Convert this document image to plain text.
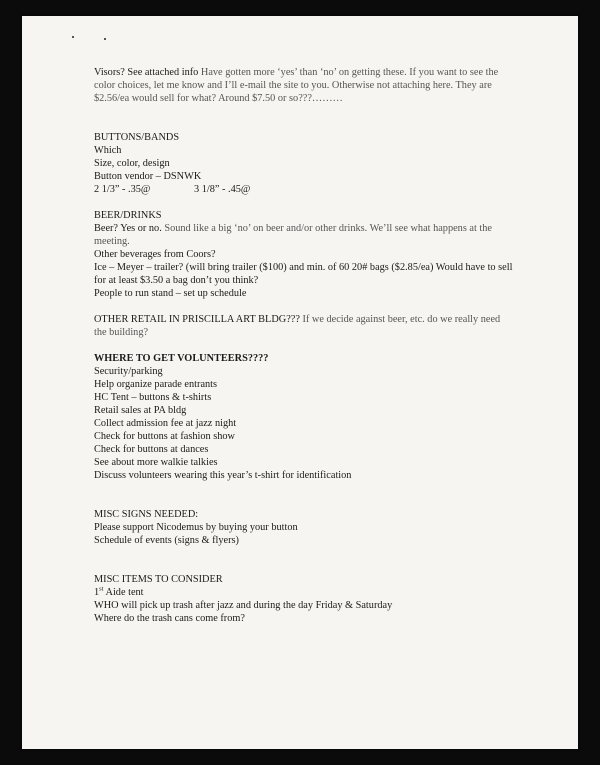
Visors? See attached info Have gotten more ‘yes’ than ‘no’ on getting these. If you want to see the color choices, let me know and I’ll e-mail the site to you. Otherwise not attaching here. They are $2.56/ea would sell for what? Around $7.50 or so???………
BUTTONS/BANDS
Which
Size, color, design
Button vendor – DSNWK
2 1/3” - .35@	3 1/8” - .45@
BEER/DRINKS
Beer? Yes or no. Sound like a big ‘no’ on beer and/or other drinks. We’ll see what happens at the meeting.
Other beverages from Coors?
Ice – Meyer – trailer? (will bring trailer ($100) and min. of 60 20# bags ($2.85/ea) Would have to sell for at least $3.50 a bag don’t you think?
People to run stand – set up schedule
OTHER RETAIL IN PRISCILLA ART BLDG??? If we decide against beer, etc. do we really need the building?
WHERE TO GET VOLUNTEERS????
Security/parking
Help organize parade entrants
HC Tent – buttons & t-shirts
Retail sales at PA bldg
Collect admission fee at jazz night
Check for buttons at fashion show
Check for buttons at dances
See about more walkie talkies
Discuss volunteers wearing this year’s t-shirt for identification
MISC SIGNS NEEDED:
Please support Nicodemus by buying your button
Schedule of events (signs & flyers)
MISC ITEMS TO CONSIDER
1st Aide tent
WHO will pick up trash after jazz and during the day Friday & Saturday
Where do the trash cans come from?
